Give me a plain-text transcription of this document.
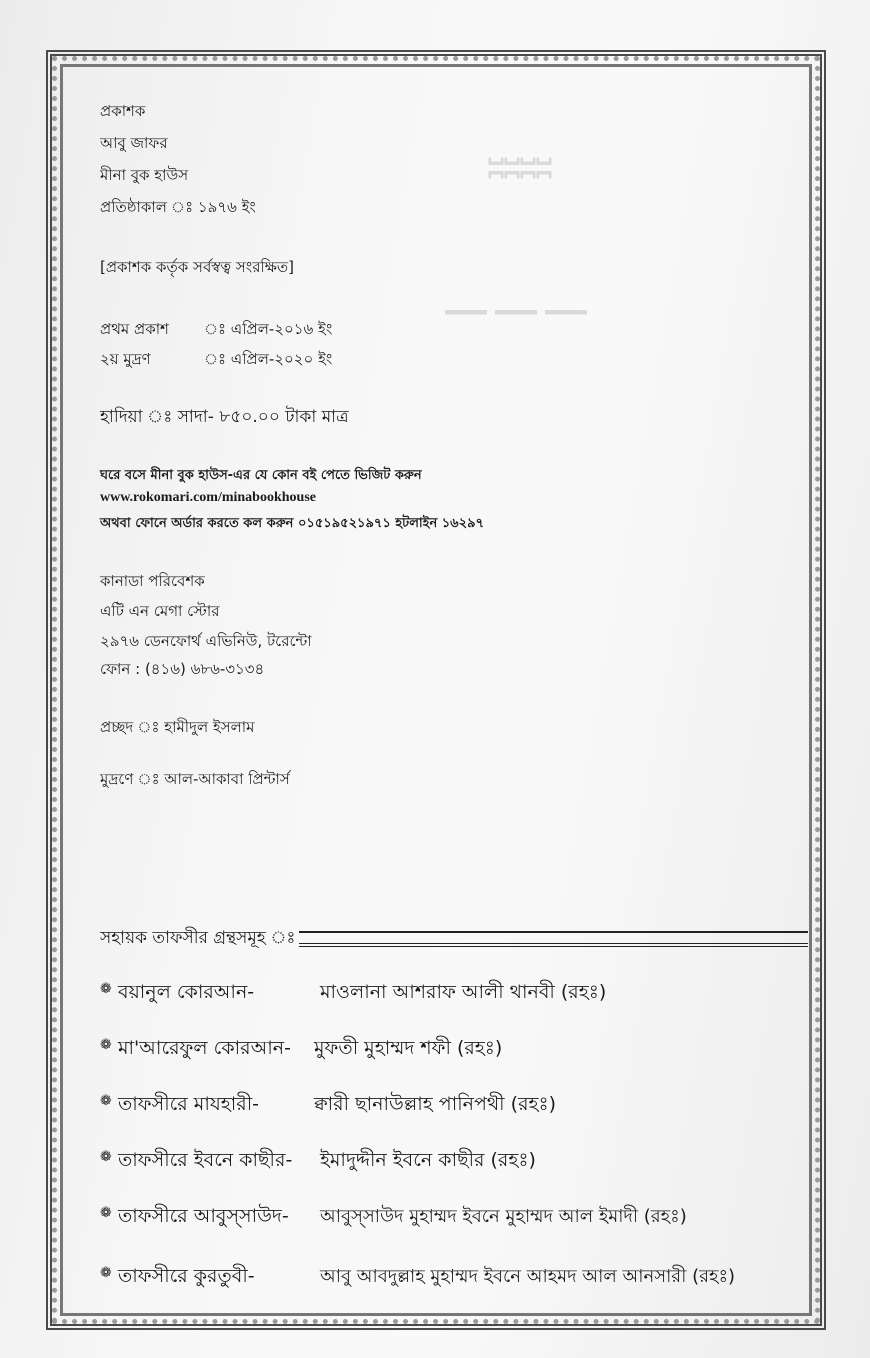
⎶⎶⎶⎶
⎯⎯⎯
প্রকাশক
আবু জাফর
মীনা বুক হাউস
প্রতিষ্ঠাকাল ঃ ১৯৭৬ ইং
[প্রকাশক কর্তৃক সর্বস্বত্ব সংরক্ষিত]
প্রথম প্রকাশ ঃ এপ্রিল-২০১৬ ইং
২য় মুদ্রণ	ঃ এপ্রিল-২০২০ ইং
হাদিয়া ঃ সাদা- ৮৫০.০০ টাকা মাত্র
ঘরে বসে মীনা বুক হাউস-এর যে কোন বই পেতে ভিজিট করুন
www.rokomari.com/minabookhouse
অথবা ফোনে অর্ডার করতে কল করুন ০১৫১৯৫২১৯৭১ হটলাইন ১৬২৯৭
কানাডা পরিবেশক
এটি এন মেগা স্টোর
২৯৭৬ ডেনফোর্থ এভিনিউ, টরেন্টো
ফোন : (৪১৬) ৬৮৬-৩১৩৪
প্রচ্ছদ ঃ হামীদুল ইসলাম
মুদ্রণে ঃ আল-আকাবা প্রিন্টার্স
সহায়ক তাফসীর গ্রন্থসমূহ ঃ
❁ বয়ানুল কোরআন-	মাওলানা আশরাফ আলী থানবী (রহঃ)
❁ মা'আরেফুল কোরআন- মুফতী মুহাম্মদ শফী (রহঃ)
❁ তাফসীরে মাযহারী-	ক্বারী ছানাউল্লাহ পানিপথী (রহঃ)
❁ তাফসীরে ইবনে কাছীর- ইমাদুদ্দীন ইবনে কাছীর (রহঃ)
❁ তাফসীরে আবুস্‌সাউদ- আবুস্‌সাউদ মুহাম্মদ ইবনে মুহাম্মদ আল ইমাদী (রহঃ)
❁ তাফসীরে কুরতুবী-	আবু আবদুল্লাহ মুহাম্মদ ইবনে আহমদ আল আনসারী (রহঃ)
